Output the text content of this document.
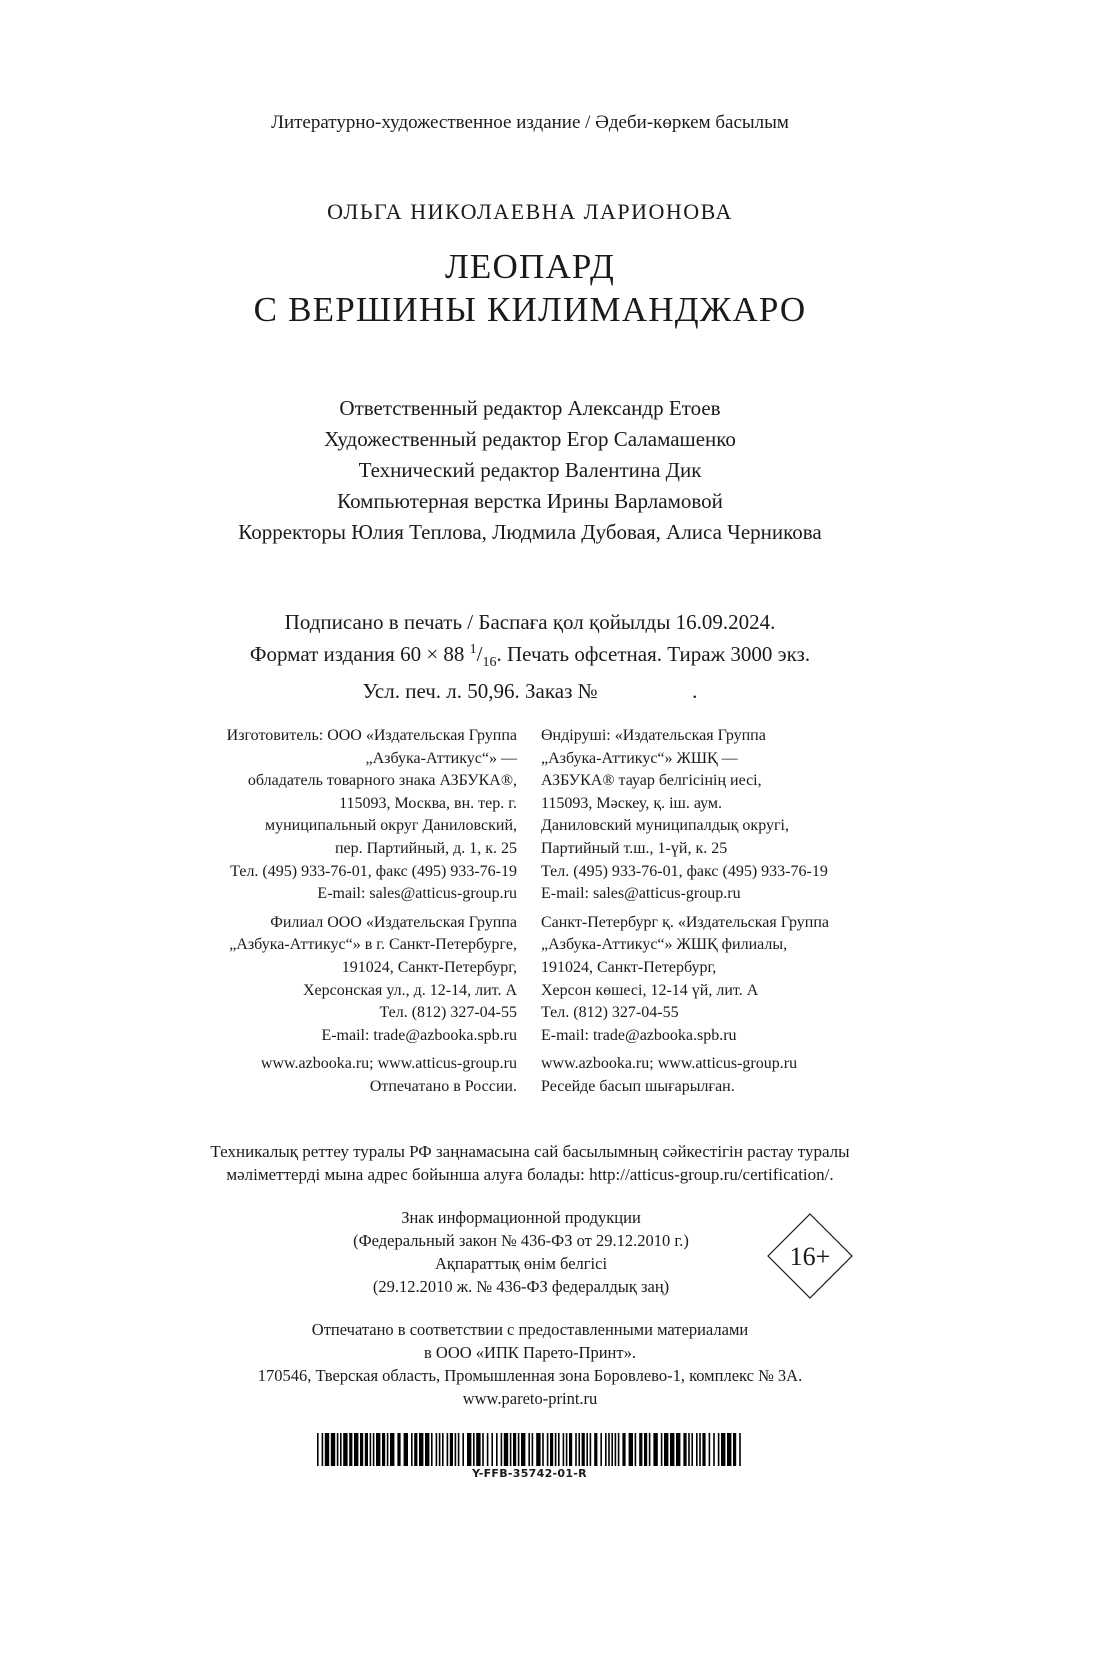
Литературно-художественное издание / Әдеби-көркем басылым
ОЛЬГА НИКОЛАЕВНА ЛАРИОНОВА
ЛЕОПАРД
С ВЕРШИНЫ КИЛИМАНДЖАРО
Ответственный редактор Александр Етоев
Художественный редактор Егор Саламашенко
Технический редактор Валентина Дик
Компьютерная верстка Ирины Варламовой
Корректоры Юлия Теплова, Людмила Дубовая, Алиса Черникова
Подписано в печать / Баспаға қол қойылды 16.09.2024.
Формат издания 60 × 88 $^1/_{16}$. Печать офсетная. Тираж 3000 экз.
Усл. печ. л. 50,96. Заказ №                  .
Изготовитель: ООО «Издательская Группа
„Азбука-Аттикус“» —
обладатель товарного знака АЗБУКА®,
115093, Москва, вн. тер. г.
муниципальный округ Даниловский,
пер. Партийный, д. 1, к. 25
Тел. (495) 933-76-01, факс (495) 933-76-19
E-mail: sales@atticus-group.ru
Филиал ООО «Издательская Группа
„Азбука-Аттикус“» в г. Санкт-Петербурге,
191024, Санкт-Петербург,
Херсонская ул., д. 12-14, лит. А
Тел. (812) 327-04-55
E-mail: trade@azbooka.spb.ru
www.azbooka.ru; www.atticus-group.ru
Отпечатано в России.
Өндіруші: «Издательская Группа
„Азбука-Аттикус“» ЖШҚ —
АЗБУКА® тауар белгісінің иесі,
115093, Мәскеу, қ. іш. аум.
Даниловский муниципалдық округі,
Партийный т.ш., 1-үй, к. 25
Тел. (495) 933-76-01, факс (495) 933-76-19
E-mail: sales@atticus-group.ru
Санкт-Петербург қ. «Издательская Группа
„Азбука-Аттикус“» ЖШҚ филиалы,
191024, Санкт-Петербург,
Херсон көшесі, 12-14 үй, лит. А
Тел. (812) 327-04-55
E-mail: trade@azbooka.spb.ru
www.azbooka.ru; www.atticus-group.ru
Ресейде басып шығарылған.
Техникалық реттеу туралы РФ заңнамасына сай басылымның сәйкестігін растау туралы
мәліметтерді мына адрес бойынша алуға болады: http://atticus-group.ru/certification/.
Знак информационной продукции
(Федеральный закон № 436-ФЗ от 29.12.2010 г.)
Ақпараттық өнім белгісі
(29.12.2010 ж. № 436-ФЗ федералдық заң)
16+
Отпечатано в соответствии с предоставленными материалами
в ООО «ИПК Парето-Принт».
170546, Тверская область, Промышленная зона Боровлево-1, комплекс № 3А.
www.pareto-print.ru
Y-FFB-35742-01-R
